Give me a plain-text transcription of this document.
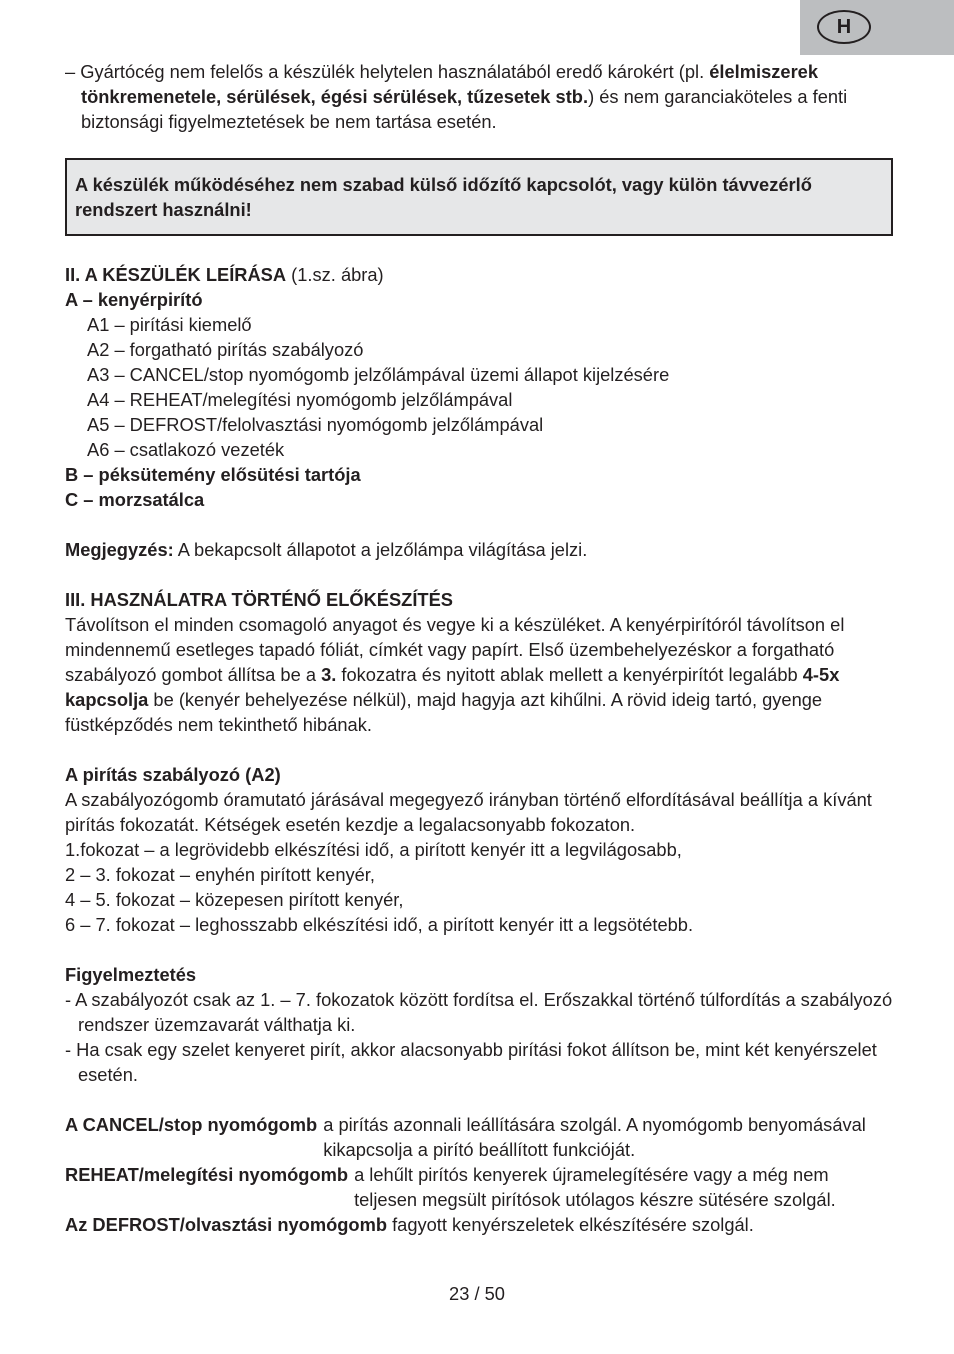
H

– Gyártócég nem felelős a készülék helytelen használatából eredő károkért (pl. élelmiszerek tönkremenetele, sérülések, égési sérülések, tűzesetek stb.) és nem garanciaköteles a fenti biztonsági figyelmeztetések be nem tartása esetén.

A készülék működéséhez nem szabad külső időzítő kapcsolót, vagy külön távvezérlő rendszert használni!

II. A KÉSZÜLÉK LEÍRÁSA (1.sz. ábra)

A – kenyérpirító

A1 – pirítási kiemelő

A2 – forgatható pirítás szabályozó

A3 – CANCEL/stop nyomógomb jelzőlámpával üzemi állapot kijelzésére

A4 – REHEAT/melegítési nyomógomb jelzőlámpával

A5 – DEFROST/felolvasztási nyomógomb jelzőlámpával

A6 – csatlakozó vezeték

B – péksütemény elősütési tartója

C – morzsatálca

Megjegyzés: A bekapcsolt állapotot a jelzőlámpa világítása jelzi.

III. HASZNÁLATRA TÖRTÉNŐ ELŐKÉSZÍTÉS

Távolítson el minden csomagoló anyagot és vegye ki a készüléket. A kenyérpirítóról távolítson el mindennemű esetleges tapadó fóliát, címkét vagy papírt. Első üzembehelyezéskor a forgatható szabályozó gombot állítsa be a 3. fokozatra és nyitott ablak mellett a kenyérpirítót legalább 4-5x kapcsolja be (kenyér behelyezése nélkül), majd hagyja azt kihűlni. A rövid ideig tartó, gyenge füstképződés nem tekinthető hibának.

A pirítás szabályozó (A2)

A szabályozógomb óramutató járásával megegyező irányban történő elfordításával beállítja a kívánt pirítás fokozatát. Kétségek esetén kezdje a legalacsonyabb fokozaton.

1.fokozat – a legrövidebb elkészítési idő, a pirított kenyér itt a legvilágosabb,

2 – 3. fokozat – enyhén pirított kenyér,

4 – 5. fokozat – közepesen pirított kenyér,

6 – 7. fokozat – leghosszabb elkészítési idő, a pirított kenyér itt a legsötétebb.

Figyelmeztetés

- A szabályozót csak az 1. – 7. fokozatok között fordítsa el. Erőszakkal történő túlfordítás a szabályozó rendszer üzemzavarát válthatja ki.

- Ha csak egy szelet kenyeret pirít, akkor alacsonyabb pirítási fokot állítson be, mint két kenyérszelet esetén.

A CANCEL/stop nyomógomb a pirítás azonnali leállítására szolgál. A nyomógomb benyomásával kikapcsolja a pirító beállított funkcióját.
REHEAT/melegítési nyomógomb a lehűlt pirítós kenyerek újramelegítésére vagy a még nem teljesen megsült pirítósok utólagos készre sütésére szolgál.

Az DEFROST/olvasztási nyomógomb fagyott kenyérszeletek elkészítésére szolgál.

23 / 50
